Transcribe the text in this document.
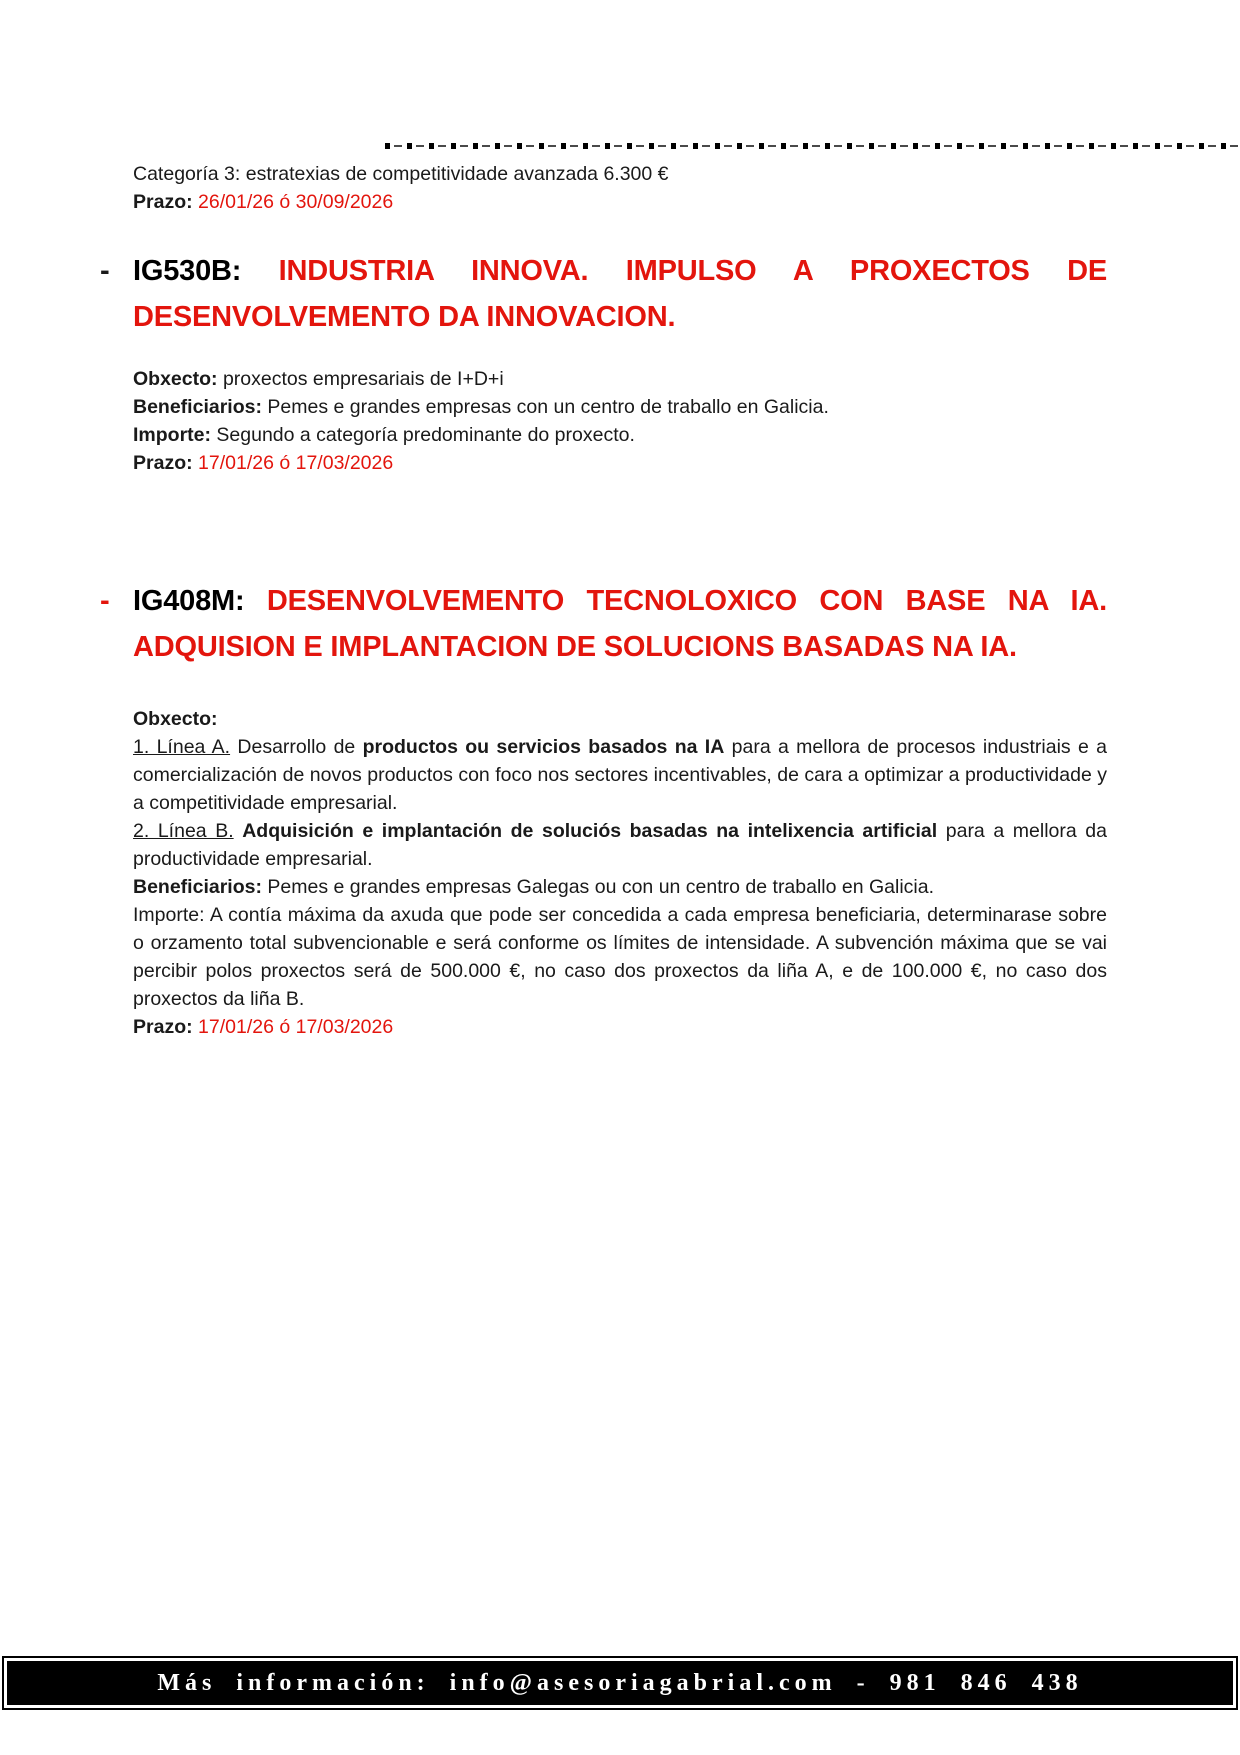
Categoría 3: estratexias de competitividade avanzada 6.300 €

Prazo: 26/01/26 ó 30/09/2026

- IG530B: INDUSTRIA INNOVA. IMPULSO A PROXECTOS DE
DESENVOLVEMENTO DA INNOVACION.

Obxecto: proxectos empresariais de I+D+i

Beneficiarios: Pemes e grandes empresas con un centro de traballo en Galicia.

Importe: Segundo a categoría predominante do proxecto.

Prazo: 17/01/26 ó 17/03/2026

- IG408M: DESENVOLVEMENTO TECNOLOXICO CON BASE NA IA.
ADQUISION E IMPLANTACION DE SOLUCIONS BASADAS NA IA.

Obxecto:

1. Línea A. Desarrollo de productos ou servicios basados na IA para a mellora de procesos industriais e a comercialización de novos productos con foco nos sectores incentivables, de cara a optimizar a productividade y a competitividade empresarial.

2. Línea B. Adquisición e implantación de soluciós basadas na intelixencia artificial para a mellora da productividade empresarial.

Beneficiarios: Pemes e grandes empresas Galegas ou con un centro de traballo en Galicia.

Importe: A contía máxima da axuda que pode ser concedida a cada empresa beneficiaria, determinarase sobre o orzamento total subvencionable e será conforme os límites de intensidade. A subvención máxima que se vai percibir polos proxectos será de 500.000 €, no caso dos proxectos da liña A, e de 100.000 €, no caso dos proxectos da liña B.

Prazo: 17/01/26 ó 17/03/2026

Más información: info@asesoriagabrial.com - 981 846 438
